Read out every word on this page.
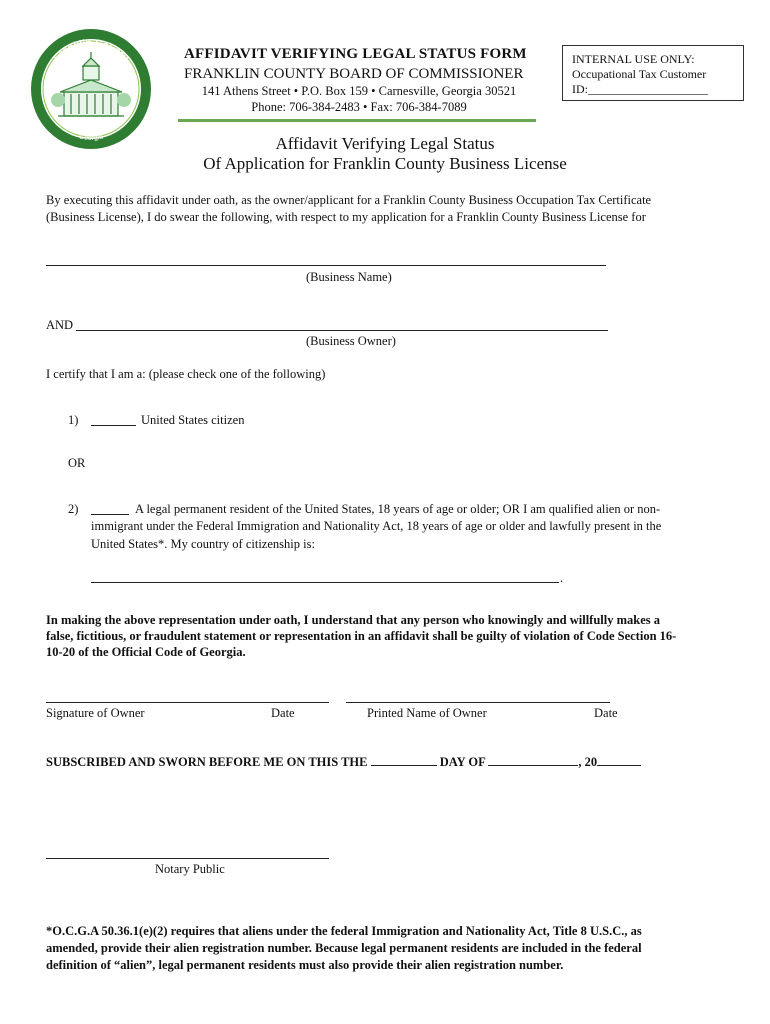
Franklin County
Georgia
AFFIDAVIT VERIFYING LEGAL STATUS FORM
FRANKLIN COUNTY BOARD OF COMMISSIONER
141 Athens Street • P.O. Box 159 • Carnesville, Georgia 30521
Phone: 706-384-2483 • Fax: 706-384-7089
INTERNAL USE ONLY:
Occupational Tax Customer
ID:____________________
Affidavit Verifying Legal Status
Of Application for Franklin County Business License
By executing this affidavit under oath, as the owner/applicant for a Franklin County Business Occupation Tax Certificate
(Business License), I do swear the following, with respect to my application for a Franklin County Business License for
(Business Name)
AND
(Business Owner)
I certify that I am a: (please check one of the following)
1)	United States citizen
OR
2)	A legal permanent resident of the United States, 18 years of age or older; OR I am qualified alien or non-
immigrant under the Federal Immigration and Nationality Act, 18 years of age or older and lawfully present in the
United States*. My country of citizenship is:
.
In making the above representation under oath, I understand that any person who knowingly and willfully makes a
false, fictitious, or fraudulent statement or representation in an affidavit shall be guilty of violation of Code Section 16-
10-20 of the Official Code of Georgia.
Signature of Owner	Date	Printed Name of Owner	Date
SUBSCRIBED AND SWORN BEFORE ME ON THIS THE	DAY OF	, 20
Notary Public
*O.C.G.A 50.36.1(e)(2) requires that aliens under the federal Immigration and Nationality Act, Title 8 U.S.C., as
amended, provide their alien registration number. Because legal permanent residents are included in the federal
definition of “alien”, legal permanent residents must also provide their alien registration number.
